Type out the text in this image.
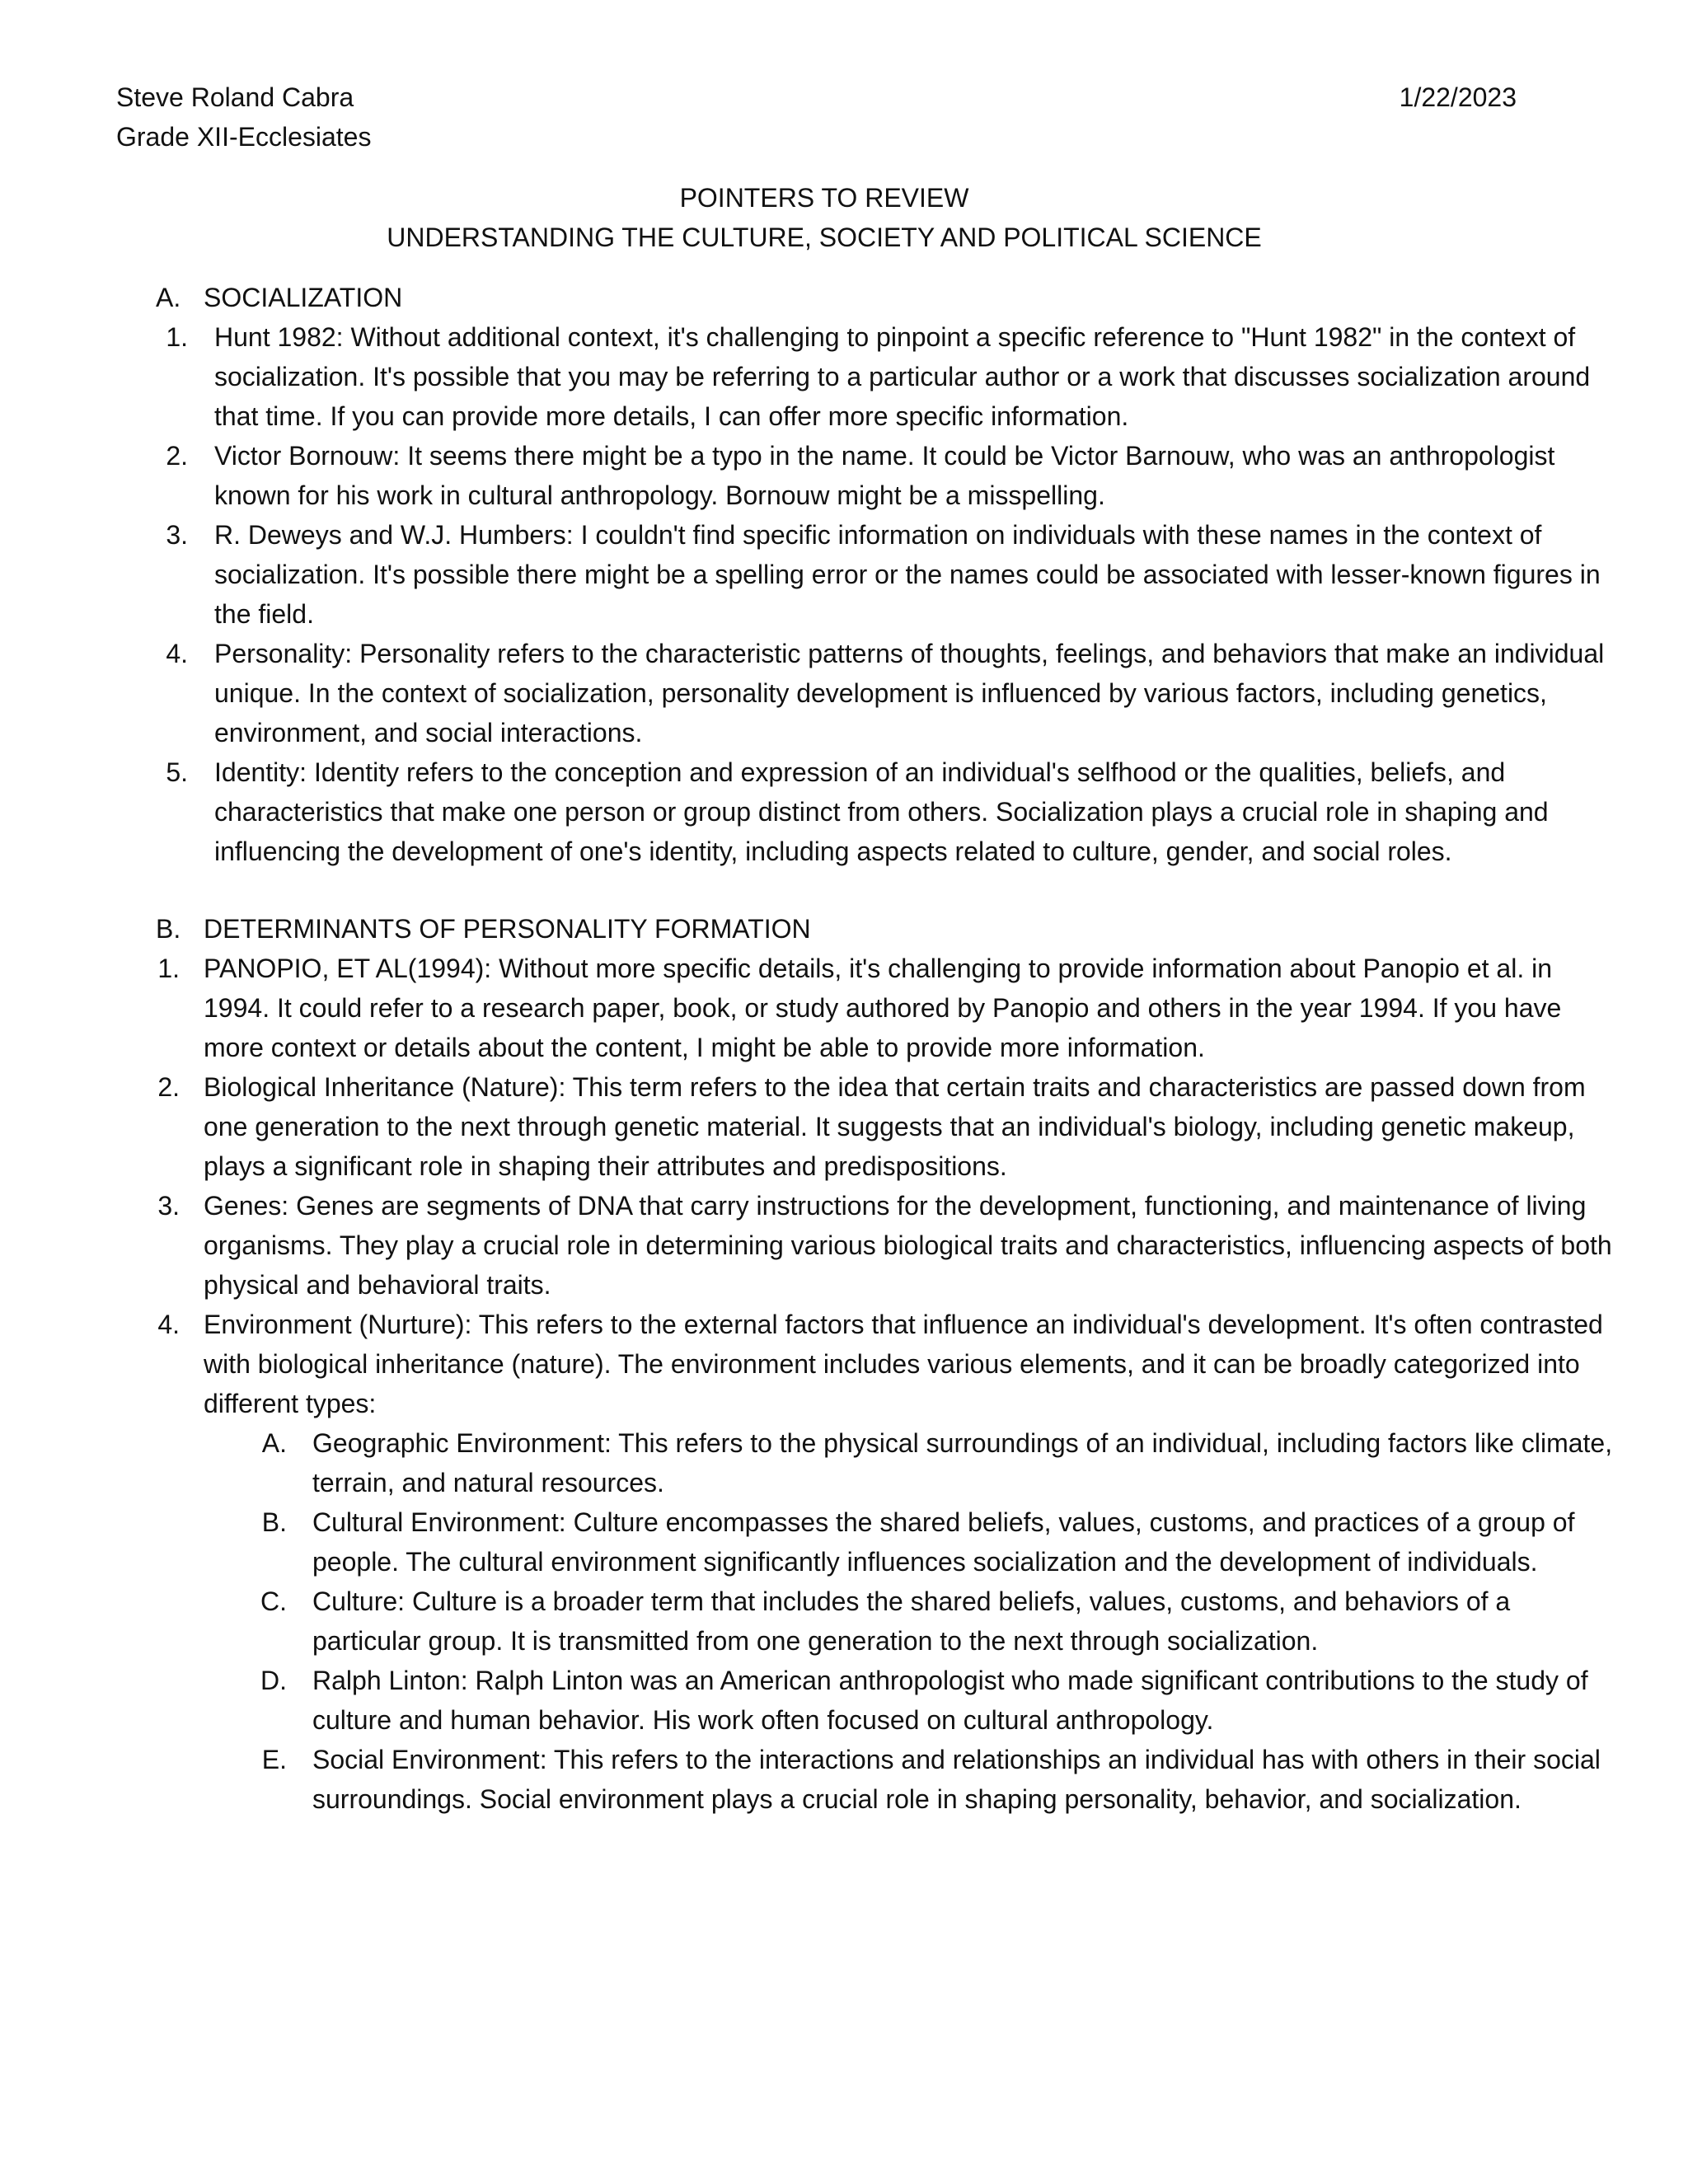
Steve Roland Cabra
Grade XII-Ecclesiates
1/22/2023
POINTERS TO REVIEW
UNDERSTANDING THE CULTURE, SOCIETY AND POLITICAL SCIENCE
A. SOCIALIZATION
1. Hunt 1982: Without additional context, it's challenging to pinpoint a specific reference to "Hunt 1982" in the context of socialization. It's possible that you may be referring to a particular author or a work that discusses socialization around that time. If you can provide more details, I can offer more specific information.
2. Victor Bornouw: It seems there might be a typo in the name. It could be Victor Barnouw, who was an anthropologist known for his work in cultural anthropology. Bornouw might be a misspelling.
3. R. Deweys and W.J. Humbers: I couldn't find specific information on individuals with these names in the context of socialization. It's possible there might be a spelling error or the names could be associated with lesser-known figures in the field.
4. Personality: Personality refers to the characteristic patterns of thoughts, feelings, and behaviors that make an individual unique. In the context of socialization, personality development is influenced by various factors, including genetics, environment, and social interactions.
5. Identity: Identity refers to the conception and expression of an individual's selfhood or the qualities, beliefs, and characteristics that make one person or group distinct from others. Socialization plays a crucial role in shaping and influencing the development of one's identity, including aspects related to culture, gender, and social roles.
B. DETERMINANTS OF PERSONALITY FORMATION
1. PANOPIO, ET AL(1994): Without more specific details, it's challenging to provide information about Panopio et al. in 1994. It could refer to a research paper, book, or study authored by Panopio and others in the year 1994. If you have more context or details about the content, I might be able to provide more information.
2. Biological Inheritance (Nature): This term refers to the idea that certain traits and characteristics are passed down from one generation to the next through genetic material. It suggests that an individual's biology, including genetic makeup, plays a significant role in shaping their attributes and predispositions.
3. Genes: Genes are segments of DNA that carry instructions for the development, functioning, and maintenance of living organisms. They play a crucial role in determining various biological traits and characteristics, influencing aspects of both physical and behavioral traits.
4. Environment (Nurture): This refers to the external factors that influence an individual's development. It's often contrasted with biological inheritance (nature). The environment includes various elements, and it can be broadly categorized into different types:
A. Geographic Environment: This refers to the physical surroundings of an individual, including factors like climate, terrain, and natural resources.
B. Cultural Environment: Culture encompasses the shared beliefs, values, customs, and practices of a group of people. The cultural environment significantly influences socialization and the development of individuals.
C. Culture: Culture is a broader term that includes the shared beliefs, values, customs, and behaviors of a particular group. It is transmitted from one generation to the next through socialization.
D. Ralph Linton: Ralph Linton was an American anthropologist who made significant contributions to the study of culture and human behavior. His work often focused on cultural anthropology.
E. Social Environment: This refers to the interactions and relationships an individual has with others in their social surroundings. Social environment plays a crucial role in shaping personality, behavior, and socialization.
